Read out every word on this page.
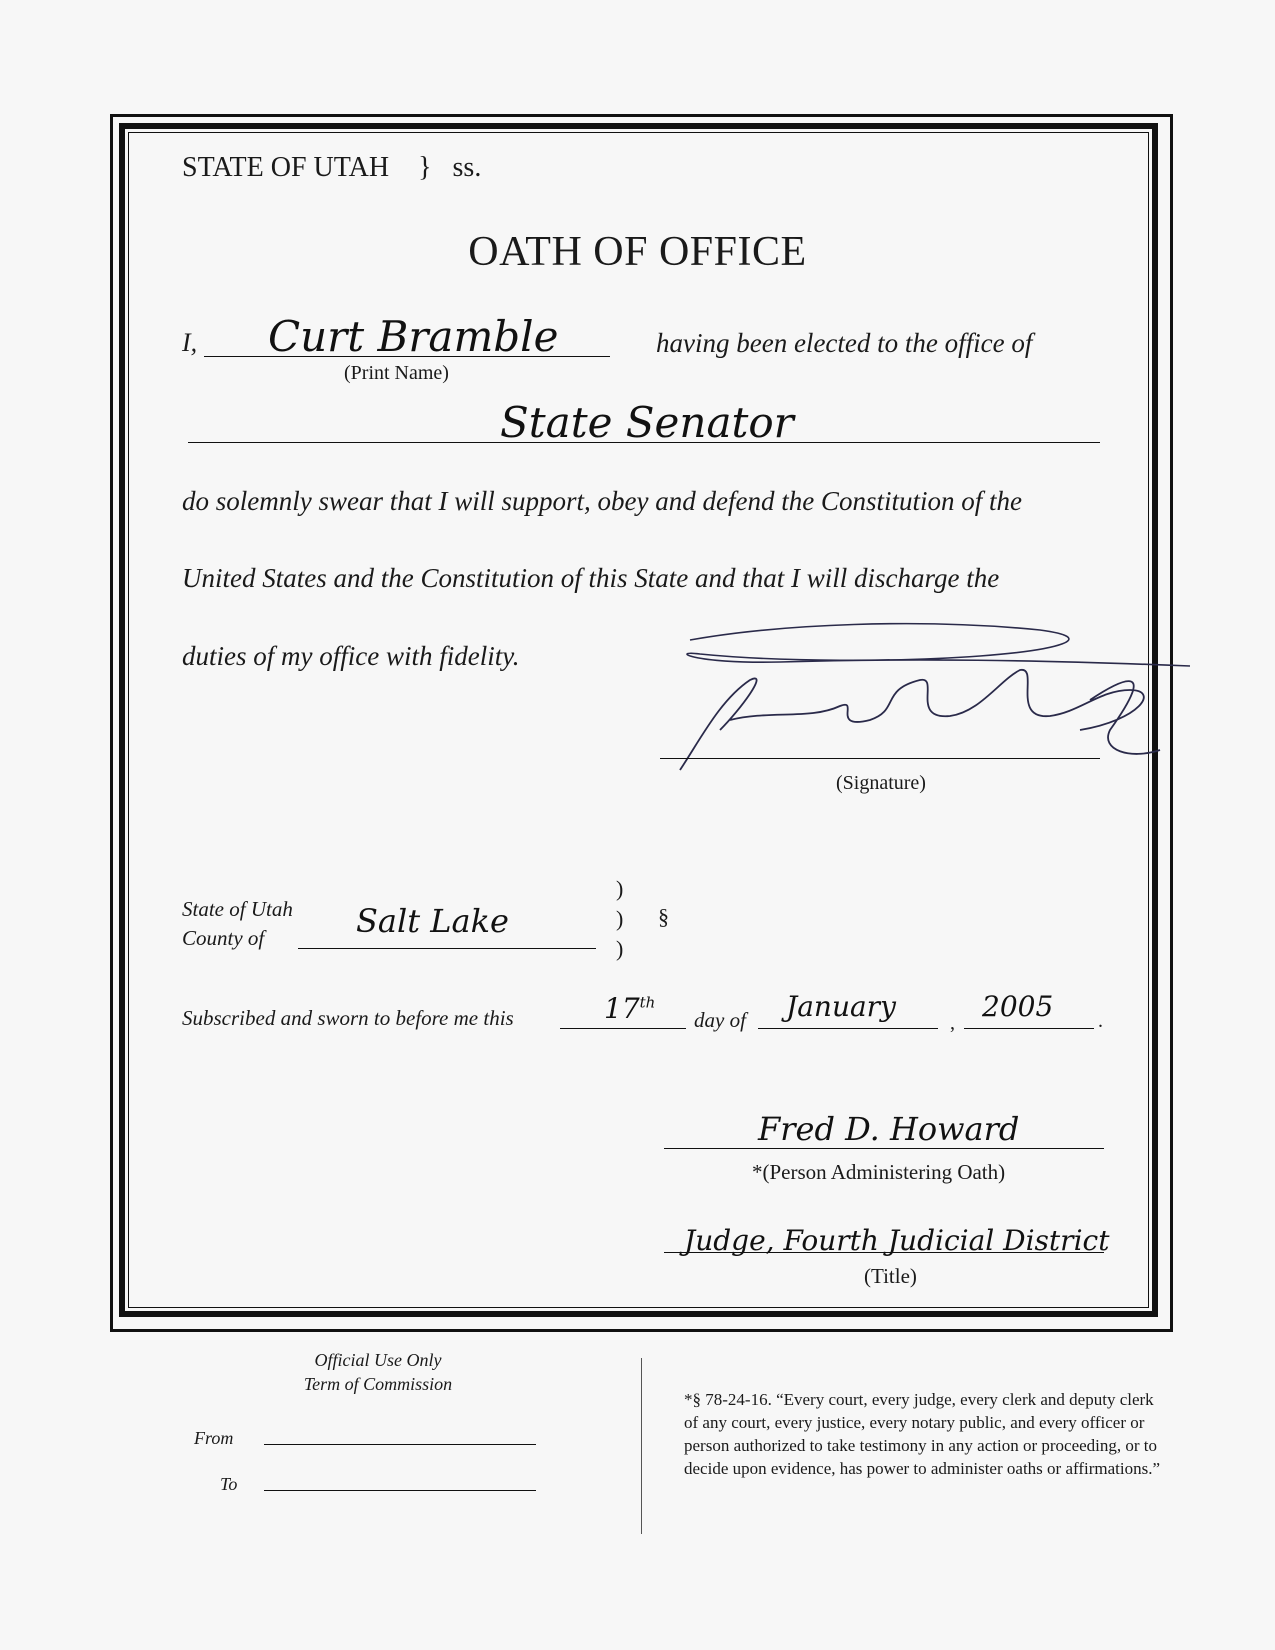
STATE OF UTAH } ss.
OATH OF OFFICE
I, Curt Bramble
(Print Name)
having been elected to the office of
State Senator
do solemnly swear that I will support, obey and defend the Constitution of the
United States and the Constitution of this State and that I will discharge the
duties of my office with fidelity.
(Signature)
State of Utah
County of	Salt Lake
)
)
)
§
Subscribed and sworn to before me this	17th
day of January	, 2005 .
Fred D. Howard
*(Person Administering Oath)
Judge, Fourth Judicial District
(Title)
Official Use Only
Term of Commission
From
To
*§ 78-24-16. “Every court, every judge, every clerk and deputy clerk of any court, every justice, every notary public, and every officer or person authorized to take testimony in any action or proceeding, or to decide upon evidence, has power to administer oaths or affirmations.”
